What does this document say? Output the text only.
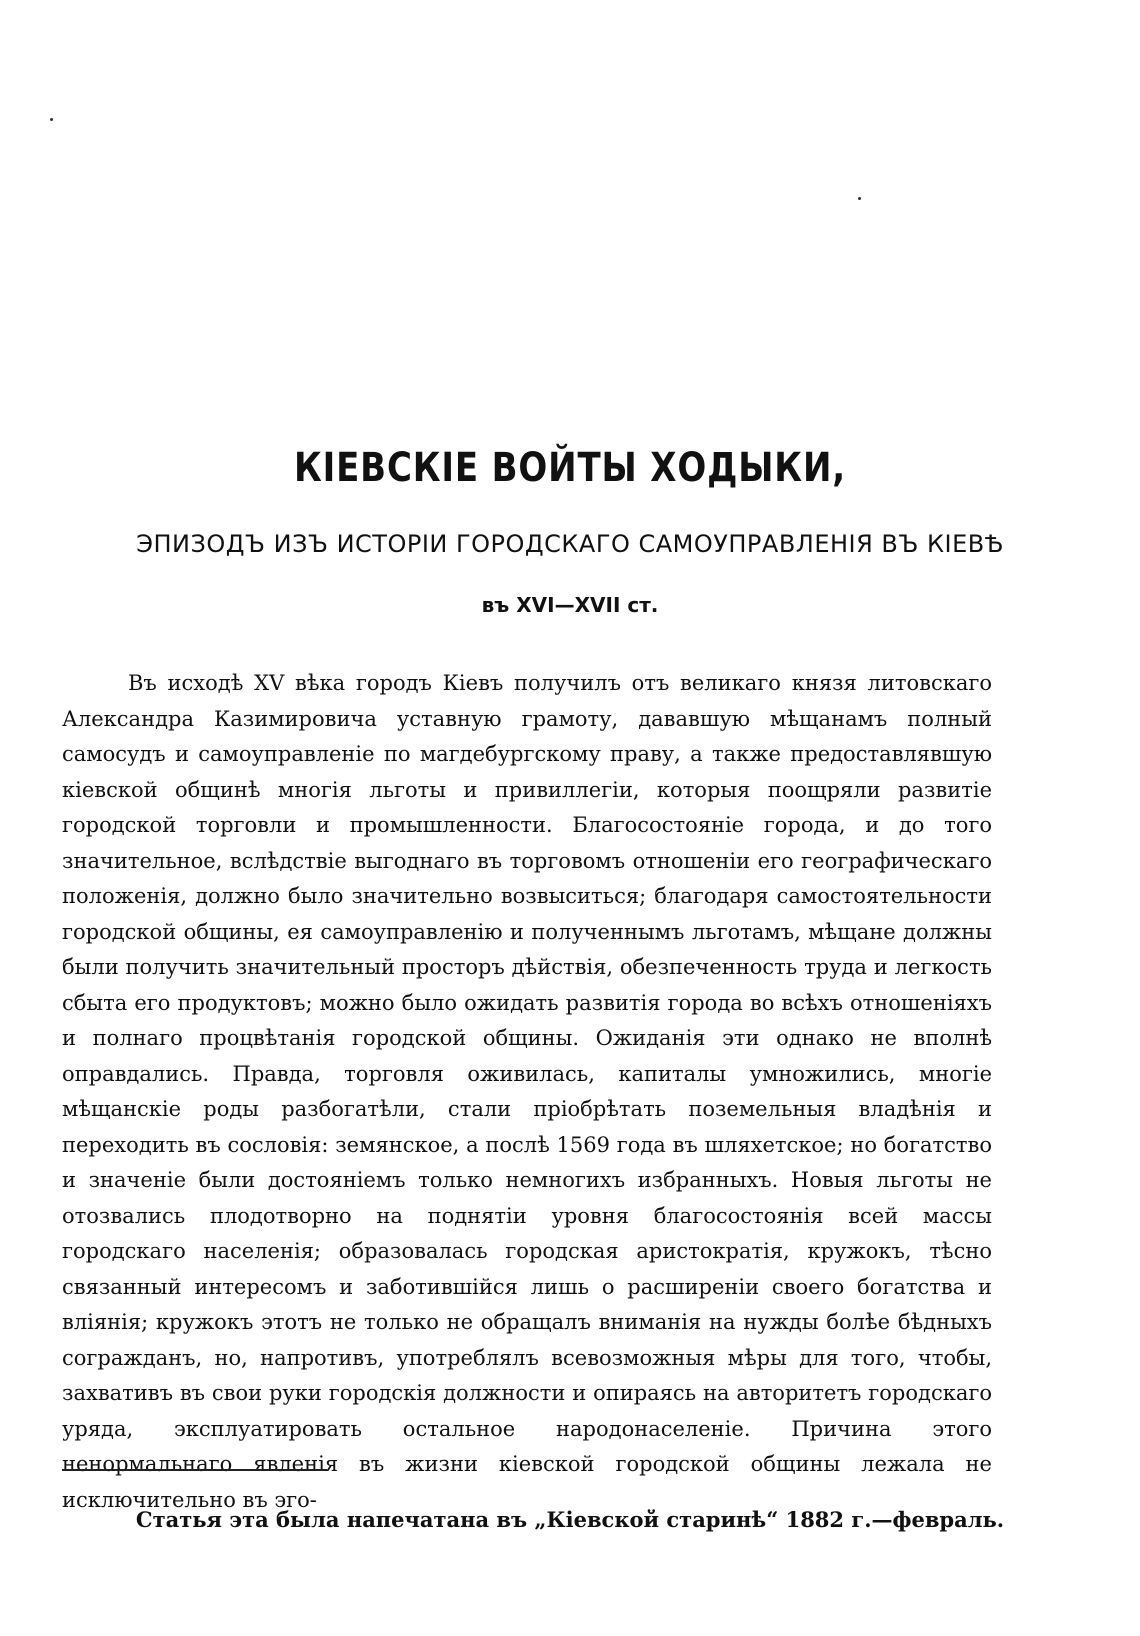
КІЕВСКІЕ ВОЙТЫ ХОДЫКИ,
ЭПИЗОДЪ ИЗЪ ИСТОРІИ ГОРОДСКАГО САМОУПРАВЛЕНІЯ ВЪ КІЕВѢ
въ XVI—XVII ст.

Въ исходѣ XV вѣка городъ Кіевъ получилъ отъ великаго князя литовскаго Александра Казимировича уставную грамоту, дававшую мѣщанамъ полный самосудъ и самоуправленіе по магдебургскому праву, а также предоставлявшую кіевской общинѣ многія льготы и привиллегіи, которыя поощряли развитіе городской торговли и промышленности. Благосостояніе города, и до того значительное, вслѣдствіе выгоднаго въ торговомъ отношеніи его географическаго положенія, должно было значительно возвыситься; благодаря самостоятельности городской общины, ея самоуправленію и полученнымъ льготамъ, мѣщане должны были получить значительный просторъ дѣйствія, обезпеченность труда и легкость сбыта его продуктовъ; можно было ожидать развитія города во всѣхъ отношеніяхъ и полнаго процвѣтанія городской общины. Ожиданія эти однако не вполнѣ оправдались. Правда, торговля оживилась, капиталы умножились, многіе мѣщанскіе роды разбогатѣли, стали пріобрѣтать поземельныя владѣнія и переходить въ сословія: земянское, а послѣ 1569 года въ шляхетское; но богатство и значеніе были достояніемъ только немногихъ избранныхъ. Новыя льготы не отозвались плодотворно на поднятіи уровня благосостоянія всей массы городскаго населенія; образовалась городская аристократія, кружокъ, тѣсно связанный интересомъ и заботившійся лишь о расширеніи своего богатства и вліянія; кружокъ этотъ не только не обращалъ вниманія на нужды болѣе бѣдныхъ согражданъ, но, напротивъ, употреблялъ всевозможныя мѣры для того, чтобы, захвативъ въ свои руки городскія должности и опираясь на авторитетъ городскаго уряда, эксплуатировать остальное народонаселеніе. Причина этого ненормальнаго явленія въ жизни кіевской городской общины лежала не исключительно въ эго-

Статья эта была напечатана въ „Кіевской старинѣ“ 1882 г.—февраль.
